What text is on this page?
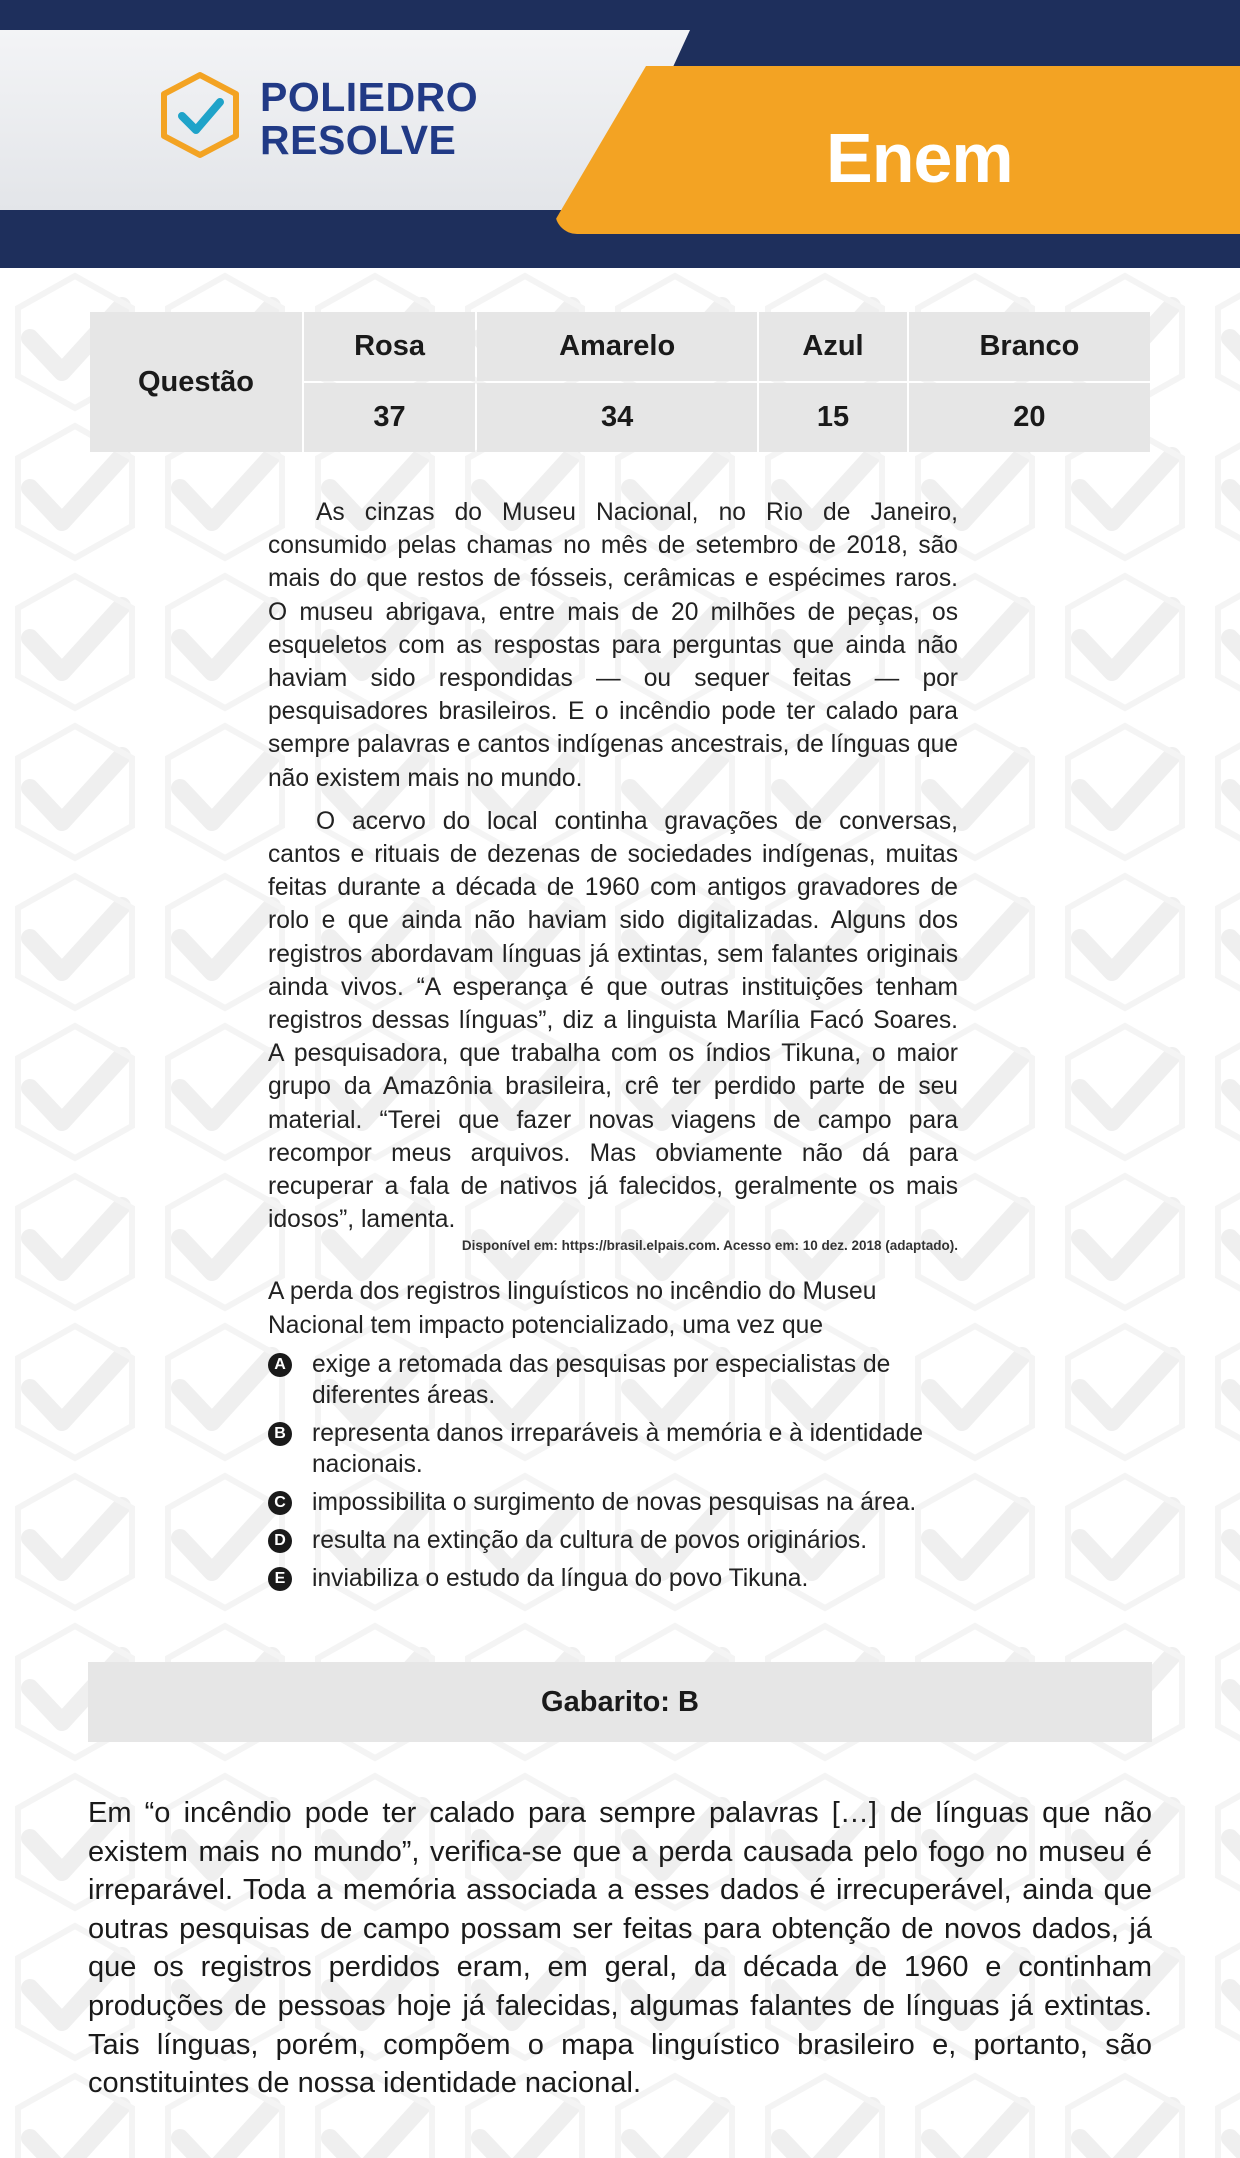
POLIEDRO
RESOLVE	Enem
Questão	Rosa	Amarelo	Azul	Branco
	37	34	15	20

As cinzas do Museu Nacional, no Rio de Janeiro, consumido pelas chamas no mês de setembro de 2018, são mais do que restos de fósseis, cerâmicas e espécimes raros. O museu abrigava, entre mais de 20 milhões de peças, os esqueletos com as respostas para perguntas que ainda não haviam sido respondidas — ou sequer feitas — por pesquisadores brasileiros. E o incêndio pode ter calado para sempre palavras e cantos indígenas ancestrais, de línguas que não existem mais no mundo.

O acervo do local continha gravações de conversas, cantos e rituais de dezenas de sociedades indígenas, muitas feitas durante a década de 1960 com antigos gravadores de rolo e que ainda não haviam sido digitalizadas. Alguns dos registros abordavam línguas já extintas, sem falantes originais ainda vivos. “A esperança é que outras instituições tenham registros dessas línguas”, diz a linguista Marília Facó Soares. A pesquisadora, que trabalha com os índios Tikuna, o maior grupo da Amazônia brasileira, crê ter perdido parte de seu material. “Terei que fazer novas viagens de campo para recompor meus arquivos. Mas obviamente não dá para recuperar a fala de nativos já falecidos, geralmente os mais idosos”, lamenta.

Disponível em: https://brasil.elpais.com. Acesso em: 10 dez. 2018 (adaptado).
A perda dos registros linguísticos no incêndio do Museu Nacional tem impacto potencializado, uma vez que
A exige a retomada das pesquisas por especialistas de diferentes áreas.
B representa danos irreparáveis à memória e à identidade nacionais.
C impossibilita o surgimento de novas pesquisas na área.
D resulta na extinção da cultura de povos originários.
E inviabiliza o estudo da língua do povo Tikuna.
Gabarito: B

Em “o incêndio pode ter calado para sempre palavras […] de línguas que não existem mais no mundo”, verifica-se que a perda causada pelo fogo no museu é irreparável. Toda a memória associada a esses dados é irrecuperável, ainda que outras pesquisas de campo possam ser feitas para obtenção de novos dados, já que os registros perdidos eram, em geral, da década de 1960 e continham produções de pessoas hoje já falecidas, algumas falantes de línguas já extintas. Tais línguas, porém, compõem o mapa linguístico brasileiro e, portanto, são constituintes de nossa identidade nacional.
